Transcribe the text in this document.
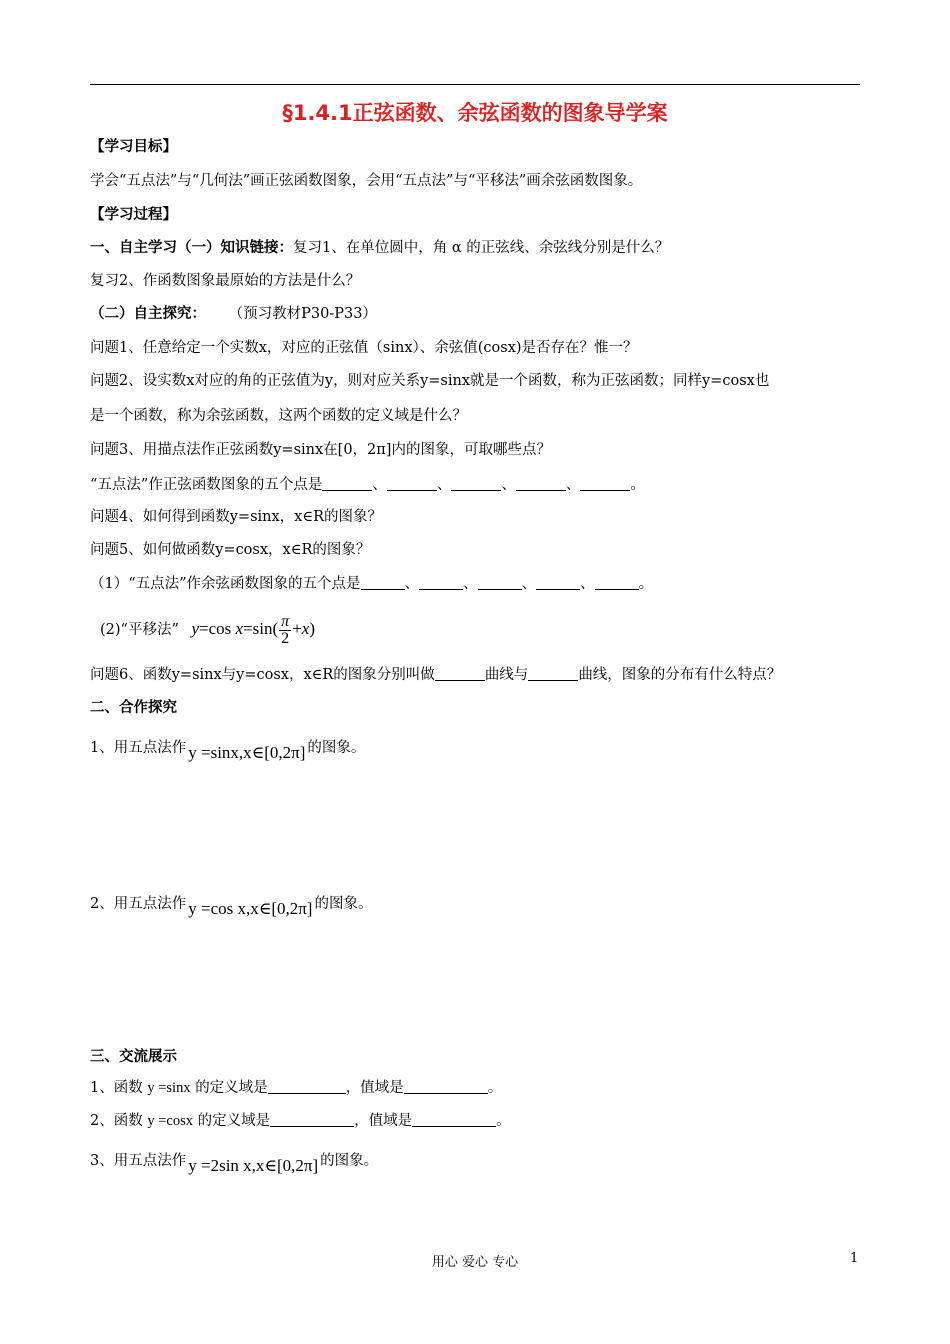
§1.4.1正弦函数、余弦函数的图象导学案
【学习目标】
学会“五点法”与“几何法”画正弦函数图象，会用“五点法”与“平移法”画余弦函数图象。
【学习过程】
一、自主学习（一）知识链接：复习1、在单位圆中，角 α 的正弦线、余弦线分别是什么？
复习2、作函数图象最原始的方法是什么？
（二）自主探究： （预习教材P30-P33）
问题1、任意给定一个实数x，对应的正弦值（sinx）、余弦值(cosx)是否存在？惟一？
问题2、设实数x对应的角的正弦值为y，则对应关系y=sinx就是一个函数，称为正弦函数；同样y=cosx也
是一个函数，称为余弦函数，这两个函数的定义域是什么？
问题3、用描点法作正弦函数y=sinx在[0，2π]内的图象，可取哪些点？
“五点法”作正弦函数图象的五个点是	、	、	、	、	。
问题4、如何得到函数y=sinx，x∈R的图象？
问题5、如何做函数y=cosx，x∈R的图象？
（1）“五点法”作余弦函数图象的五个点是	、	、	、	、	。
(2)“平移法” y=cos $x=\sin( \frac{\pi}{2} +x)$
问题6、函数y=sinx与y=cosx，x∈R的图象分别叫做	曲线与	曲线，图象的分布有什么特点？
二、合作探究
1、用五点法作 y =sinx,x∈[0,2π] 的图象。
2、用五点法作 y =cos x,x∈[0,2π] 的图象。
三、交流展示
1、函数 y =sinx 的定义域是	，值域是	。
2、函数 y =cosx 的定义域是	，值域是	。
3、用五点法作 y =2sin x,x∈[0,2π] 的图象。
用心 爱心 专心	1
